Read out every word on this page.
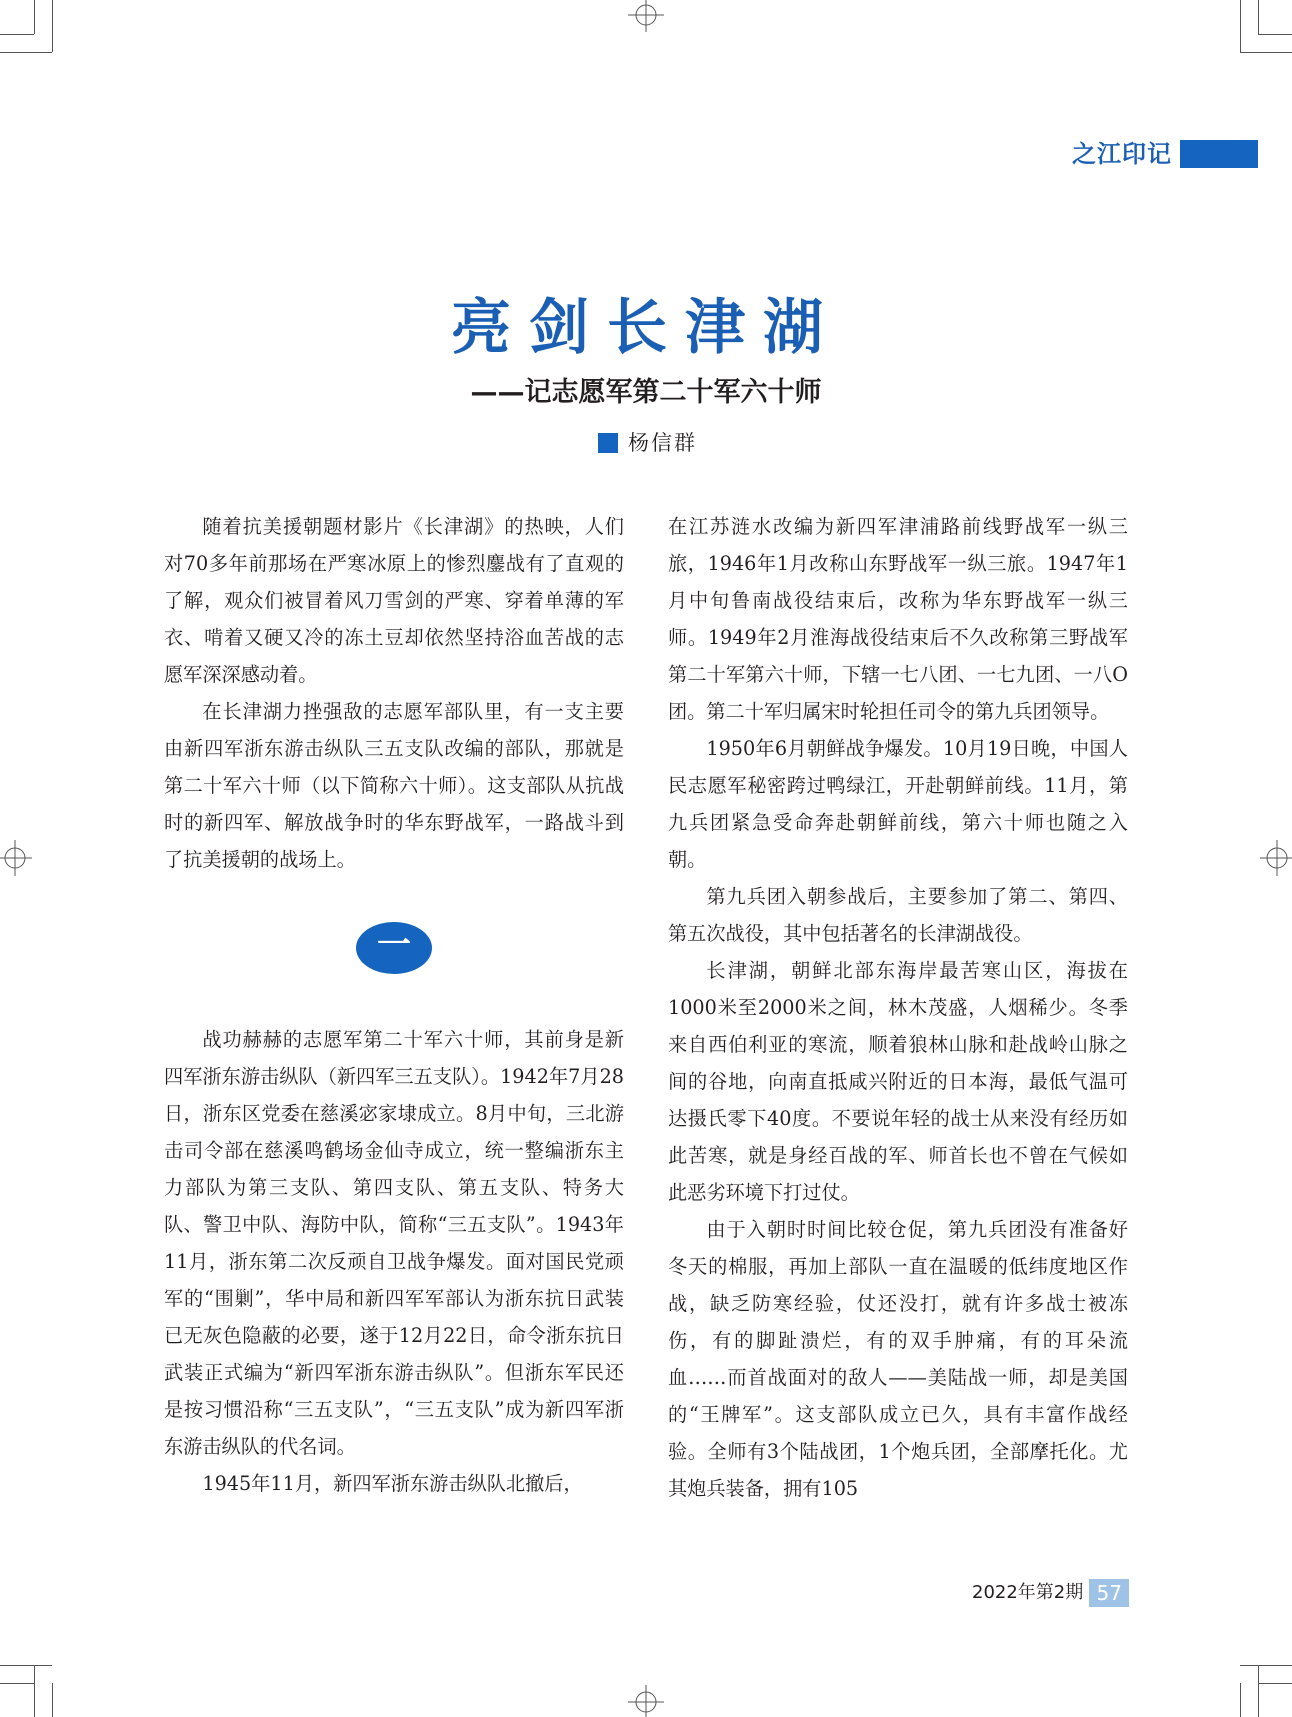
之江印记
亮剑长津湖
——记志愿军第二十军六十师
杨信群

随着抗美援朝题材影片《长津湖》的热映，人们对70多年前那场在严寒冰原上的惨烈鏖战有了直观的了解，观众们被冒着风刀雪剑的严寒、穿着单薄的军衣、啃着又硬又冷的冻土豆却依然坚持浴血苦战的志愿军深深感动着。

在长津湖力挫强敌的志愿军部队里，有一支主要由新四军浙东游击纵队三五支队改编的部队，那就是第二十军六十师（以下简称六十师）。这支部队从抗战时的新四军、解放战争时的华东野战军，一路战斗到了抗美援朝的战场上。

一

战功赫赫的志愿军第二十军六十师，其前身是新四军浙东游击纵队（新四军三五支队）。1942年7月28日，浙东区党委在慈溪宓家埭成立。8月中旬，三北游击司令部在慈溪鸣鹤场金仙寺成立，统一整编浙东主力部队为第三支队、第四支队、第五支队、特务大队、警卫中队、海防中队，简称“三五支队”。1943年11月，浙东第二次反顽自卫战争爆发。面对国民党顽军的“围剿”，华中局和新四军军部认为浙东抗日武装已无灰色隐蔽的必要，遂于12月22日，命令浙东抗日武装正式编为“新四军浙东游击纵队”。但浙东军民还是按习惯沿称“三五支队”，“三五支队”成为新四军浙东游击纵队的代名词。

1945年11月，新四军浙东游击纵队北撤后，

在江苏涟水改编为新四军津浦路前线野战军一纵三旅，1946年1月改称山东野战军一纵三旅。1947年1月中旬鲁南战役结束后，改称为华东野战军一纵三师。1949年2月淮海战役结束后不久改称第三野战军第二十军第六十师，下辖一七八团、一七九团、一八O团。第二十军归属宋时轮担任司令的第九兵团领导。

1950年6月朝鲜战争爆发。10月19日晚，中国人民志愿军秘密跨过鸭绿江，开赴朝鲜前线。11月，第九兵团紧急受命奔赴朝鲜前线，第六十师也随之入朝。

第九兵团入朝参战后，主要参加了第二、第四、第五次战役，其中包括著名的长津湖战役。

长津湖，朝鲜北部东海岸最苦寒山区，海拔在1000米至2000米之间，林木茂盛，人烟稀少。冬季来自西伯利亚的寒流，顺着狼林山脉和赴战岭山脉之间的谷地，向南直抵咸兴附近的日本海，最低气温可达摄氏零下40度。不要说年轻的战士从来没有经历如此苦寒，就是身经百战的军、师首长也不曾在气候如此恶劣环境下打过仗。

由于入朝时时间比较仓促，第九兵团没有准备好冬天的棉服，再加上部队一直在温暖的低纬度地区作战，缺乏防寒经验，仗还没打，就有许多战士被冻伤，有的脚趾溃烂，有的双手肿痛，有的耳朵流血……而首战面对的敌人——美陆战一师，却是美国的“王牌军”。这支部队成立已久，具有丰富作战经验。全师有3个陆战团，1个炮兵团，全部摩托化。尤其炮兵装备，拥有105

2022年第2期 57
